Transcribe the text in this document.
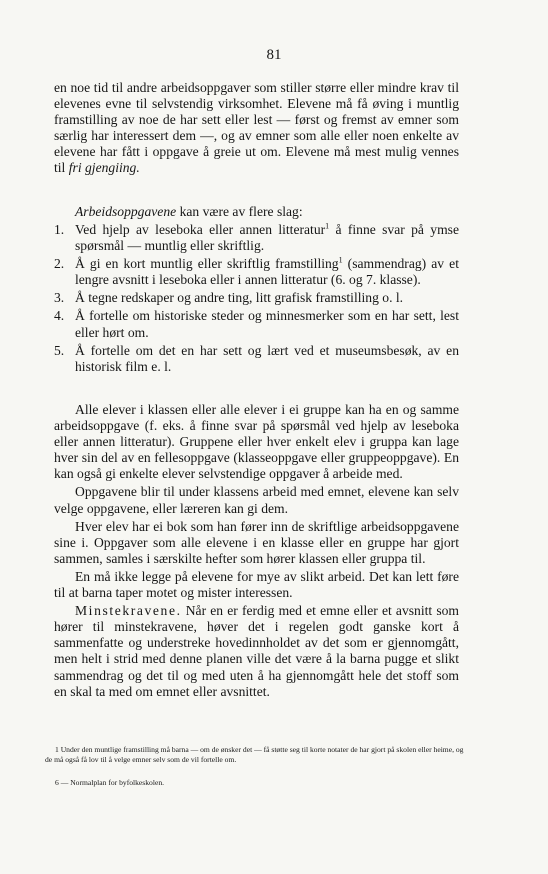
81

en noe tid til andre arbeidsoppgaver som stiller større eller mindre krav til elevenes evne til selvstendig virksomhet. Elevene må få øving i muntlig framstilling av noe de har sett eller lest — først og fremst av emner som særlig har interessert dem —, og av emner som alle eller noen enkelte av elevene har fått i oppgave å greie ut om. Elevene må mest mulig vennes til fri gjengiing.

Arbeidsoppgavene kan være av flere slag:

1. Ved hjelp av leseboka eller annen litteratur$^1$ å finne svar på ymse spørsmål — muntlig eller skriftlig.
2. Å gi en kort muntlig eller skriftlig framstilling$^1$ (sammendrag) av et lengre avsnitt i leseboka eller i annen litteratur (6. og 7. klasse).
3. Å tegne redskaper og andre ting, litt grafisk framstilling o. l.
4. Å fortelle om historiske steder og minnesmerker som en har sett, lest eller hørt om.
5. Å fortelle om det en har sett og lært ved et museumsbesøk, av en historisk film e. l.

Alle elever i klassen eller alle elever i ei gruppe kan ha en og samme arbeidsoppgave (f. eks. å finne svar på spørsmål ved hjelp av leseboka eller annen litteratur). Gruppene eller hver enkelt elev i gruppa kan lage hver sin del av en fellesoppgave (klasseoppgave eller gruppeoppgave). En kan også gi enkelte elever selvstendige oppgaver å arbeide med.

Oppgavene blir til under klassens arbeid med emnet, elevene kan selv velge oppgavene, eller læreren kan gi dem.

Hver elev har ei bok som han fører inn de skriftlige arbeidsoppgavene sine i. Oppgaver som alle elevene i en klasse eller en gruppe har gjort sammen, samles i særskilte hefter som hører klassen eller gruppa til.

En må ikke legge på elevene for mye av slikt arbeid. Det kan lett føre til at barna taper motet og mister interessen.

Minstekravene. Når en er ferdig med et emne eller et avsnitt som hører til minstekravene, høver det i regelen godt ganske kort å sammenfatte og understreke hovedinnholdet av det som er gjennomgått, men helt i strid med denne planen ville det være å la barna pugge et slikt sammendrag og det til og med uten å ha gjennomgått hele det stoff som en skal ta med om emnet eller avsnittet.

1 Under den muntlige framstilling må barna — om de ønsker det — få støtte seg til korte notater de har gjort på skolen eller heime, og de må også få lov til å velge emner selv som de vil fortelle om.

6 — Normalplan for byfolkeskolen.
